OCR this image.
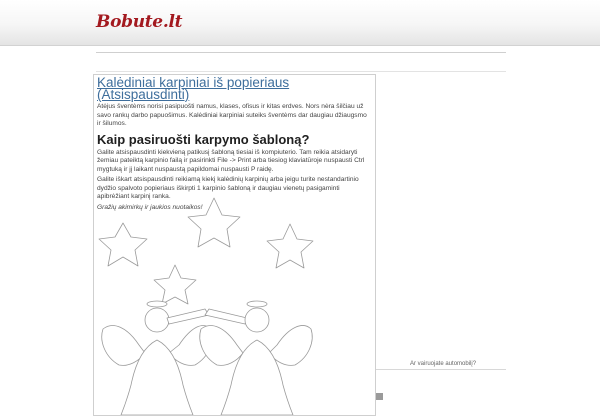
Bobute.lt
Kalėdiniai karpiniai iš popieriaus (Atsispausdinti)

Atėjus šventėms norisi pasipuošti namus, klases, ofisus ir kitas erdves. Nors nėra šilčiau už savo rankų darbo papuošimus. Kalėdiniai karpiniai suteiks šventėms dar daugiau džiaugsmo ir šilumos.

Kaip pasiruošti karpymo šabloną?

Galite atsispausdinti kiekvieną patikusį šabloną tiesiai iš kompiuterio. Tam reikia atsidaryti žemiau pateiktą karpinio failą ir pasirinkti File -> Print arba tiesiog klaviatūroje nuspausti Ctrl mygtuką ir jį laikant nuspaustą papildomai nuspausti P raidę.

Galite iškart atsispausdinti reikiamą kiekį kalėdinių karpinių arba jeigu turite nestandartinio dydžio spalvoto popieriaus iškirpti 1 karpinio šabloną ir daugiau vienetų pasigaminti apibrėžiant karpinį ranka.

Gražių akimirkų ir jaukios nuotaikos!

Ar vairuojate automobilį?
